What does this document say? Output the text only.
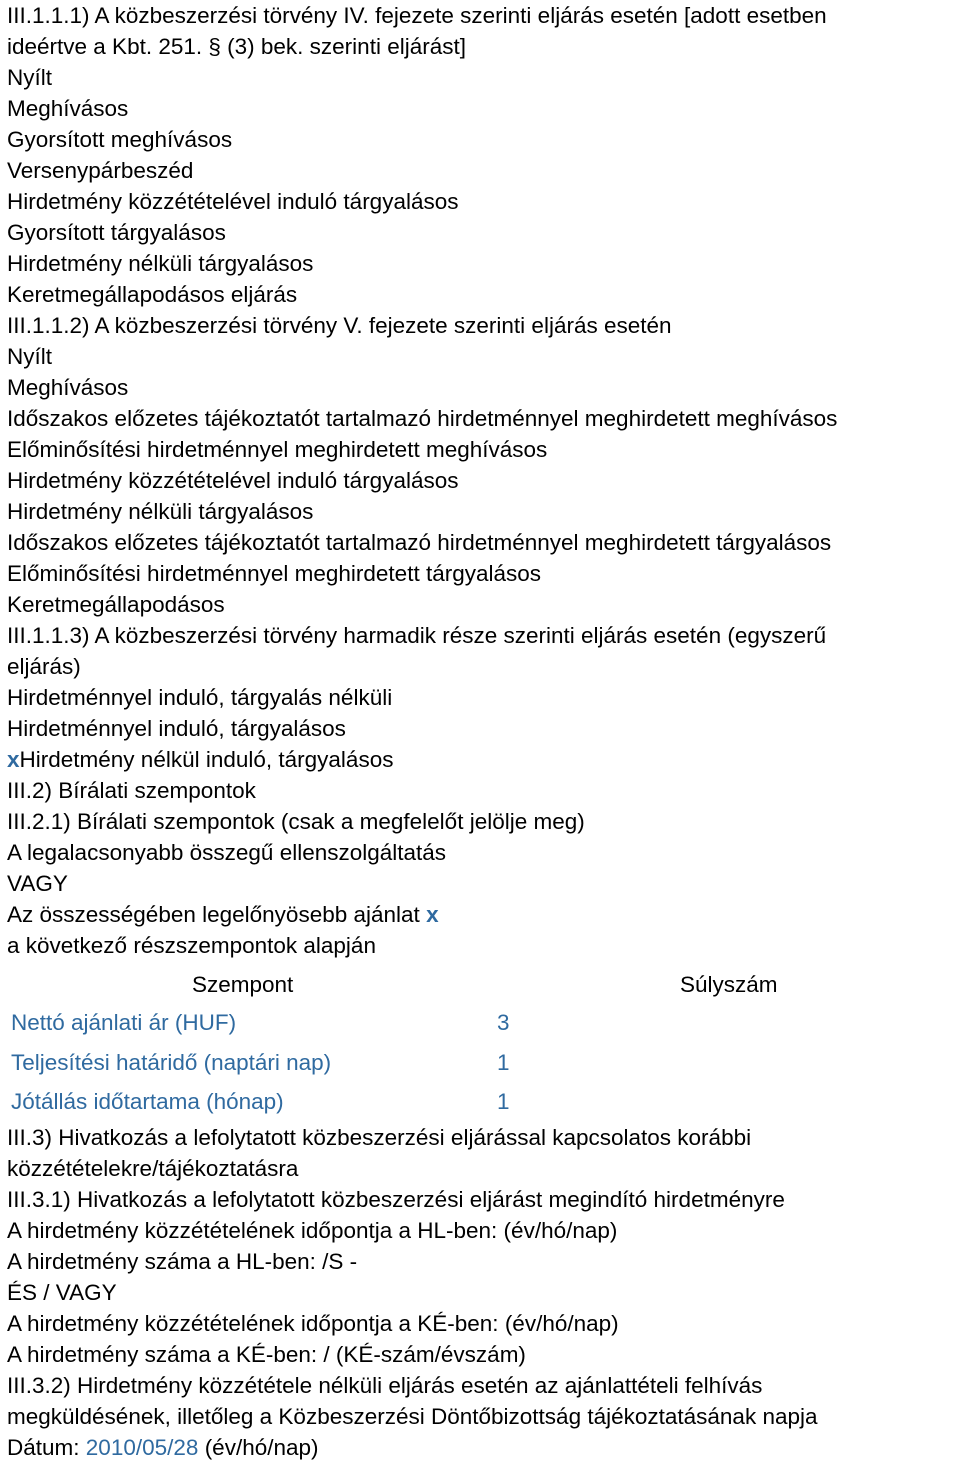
III.1.1.1) A közbeszerzési törvény IV. fejezete szerinti eljárás esetén [adott esetben
ideértve a Kbt. 251. § (3) bek. szerinti eljárást]
Nyílt
Meghívásos
Gyorsított meghívásos
Versenypárbeszéd
Hirdetmény közzétételével induló tárgyalásos
Gyorsított tárgyalásos
Hirdetmény nélküli tárgyalásos
Keretmegállapodásos eljárás
III.1.1.2) A közbeszerzési törvény V. fejezete szerinti eljárás esetén
Nyílt
Meghívásos
Időszakos előzetes tájékoztatót tartalmazó hirdetménnyel meghirdetett meghívásos
Előminősítési hirdetménnyel meghirdetett meghívásos
Hirdetmény közzétételével induló tárgyalásos
Hirdetmény nélküli tárgyalásos
Időszakos előzetes tájékoztatót tartalmazó hirdetménnyel meghirdetett tárgyalásos
Előminősítési hirdetménnyel meghirdetett tárgyalásos
Keretmegállapodásos
III.1.1.3) A közbeszerzési törvény harmadik része szerinti eljárás esetén (egyszerű
eljárás)
Hirdetménnyel induló, tárgyalás nélküli
Hirdetménnyel induló, tárgyalásos
xHirdetmény nélkül induló, tárgyalásos
III.2) Bírálati szempontok
III.2.1) Bírálati szempontok (csak a megfelelőt jelölje meg)
A legalacsonyabb összegű ellenszolgáltatás
VAGY
Az összességében legelőnyösebb ajánlat x
a következő részszempontok alapján
Szempont	Súlyszám
Nettó ajánlati ár (HUF)	3
Teljesítési határidő (naptári nap)	1
Jótállás időtartama (hónap)	1
III.3) Hivatkozás a lefolytatott közbeszerzési eljárással kapcsolatos korábbi
közzétételekre/tájékoztatásra
III.3.1) Hivatkozás a lefolytatott közbeszerzési eljárást megindító hirdetményre
A hirdetmény közzétételének időpontja a HL-ben: (év/hó/nap)
A hirdetmény száma a HL-ben: /S -
ÉS / VAGY
A hirdetmény közzétételének időpontja a KÉ-ben: (év/hó/nap)
A hirdetmény száma a KÉ-ben: / (KÉ-szám/évszám)
III.3.2) Hirdetmény közzététele nélküli eljárás esetén az ajánlattételi felhívás
megküldésének, illetőleg a Közbeszerzési Döntőbizottság tájékoztatásának napja
Dátum: 2010/05/28 (év/hó/nap)
